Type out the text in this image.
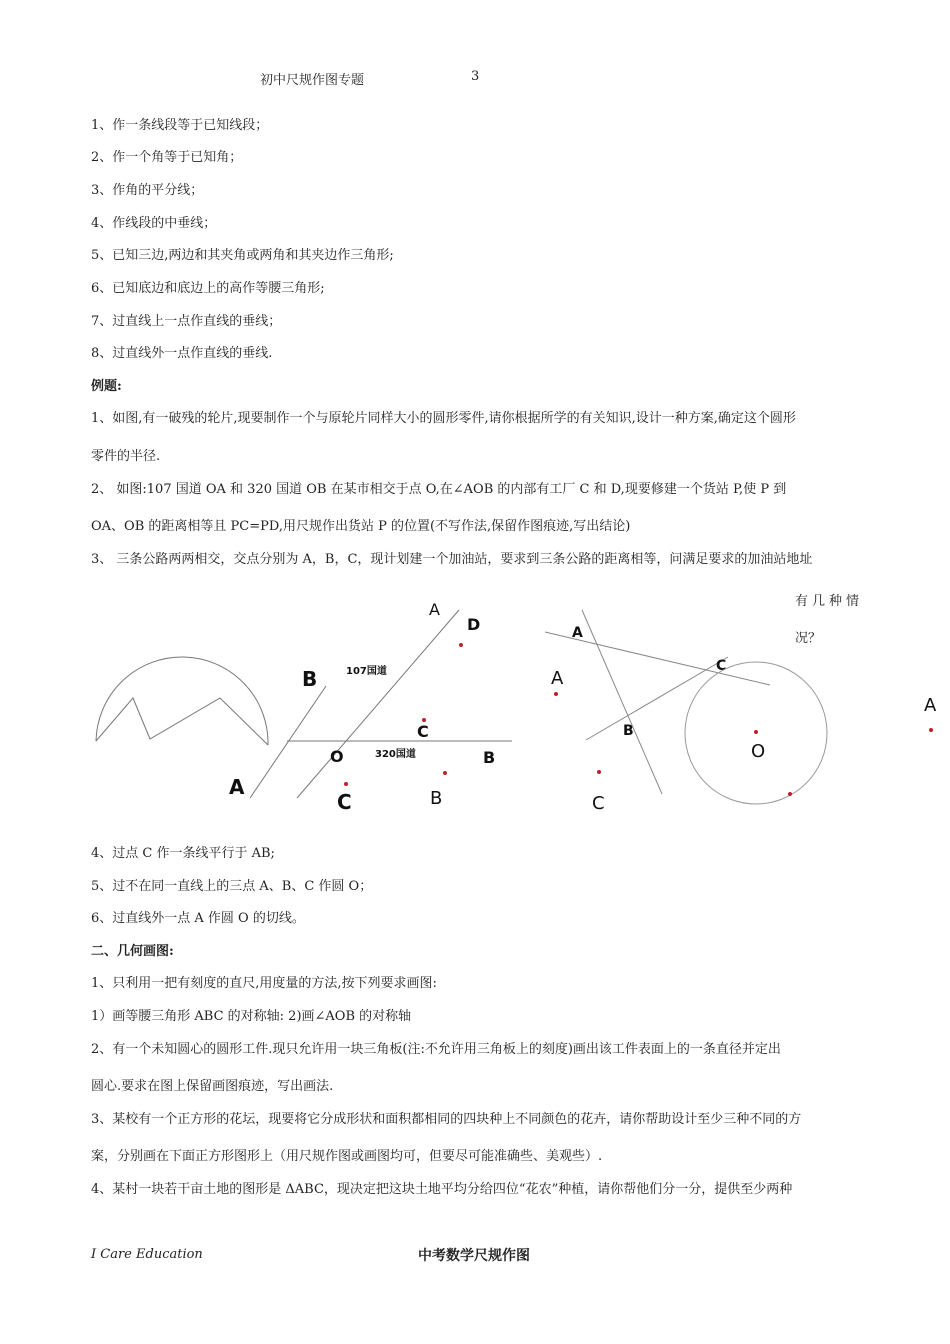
初中尺规作图专题	3
1、作一条线段等于已知线段；
2、作一个角等于已知角；
3、作角的平分线；
4、作线段的中垂线；
5、已知三边,两边和其夹角或两角和其夹边作三角形;
6、已知底边和底边上的高作等腰三角形;
7、过直线上一点作直线的垂线；
8、过直线外一点作直线的垂线.
例题:
1、如图,有一破残的轮片,现要制作一个与原轮片同样大小的圆形零件,请你根据所学的有关知识,设计一种方案,确定这个圆形
零件的半径.
2、 如图:107 国道 OA 和 320 国道 OB 在某市相交于点 O,在∠AOB 的内部有工厂 C 和 D,现要修建一个货站 P,使 P 到
OA、OB 的距离相等且 PC=PD,用尺规作出货站 P 的位置(不写作法,保留作图痕迹,写出结论)
3、 三条公路两两相交，交点分别为 A，B，C，现计划建一个加油站，要求到三条公路的距离相等，问满足要求的加油站地址
有几种情
况？
A
D
107国道
B
C
O	320国道	B
A
C	B
A
A
B
C
C
O
A
4、过点 C 作一条线平行于 AB;
5、过不在同一直线上的三点 A、B、C 作圆 O；
6、过直线外一点 A 作圆 O 的切线。
二、几何画图:
1、只利用一把有刻度的直尺,用度量的方法,按下列要求画图:
1）画等腰三角形 ABC 的对称轴: 2)画∠AOB 的对称轴
2、有一个未知圆心的圆形工件.现只允许用一块三角板(注:不允许用三角板上的刻度)画出该工件表面上的一条直径并定出
圆心.要求在图上保留画图痕迹，写出画法.
3、某校有一个正方形的花坛，现要将它分成形状和面积都相同的四块种上不同颜色的花卉，请你帮助设计至少三种不同的方
案，分别画在下面正方形图形上（用尺规作图或画图均可，但要尽可能准确些、美观些）.
4、某村一块若干亩土地的图形是 ΔABC，现决定把这块土地平均分给四位“花农”种植，请你帮他们分一分，提供至少两种
I Care Education	中考数学尺规作图
